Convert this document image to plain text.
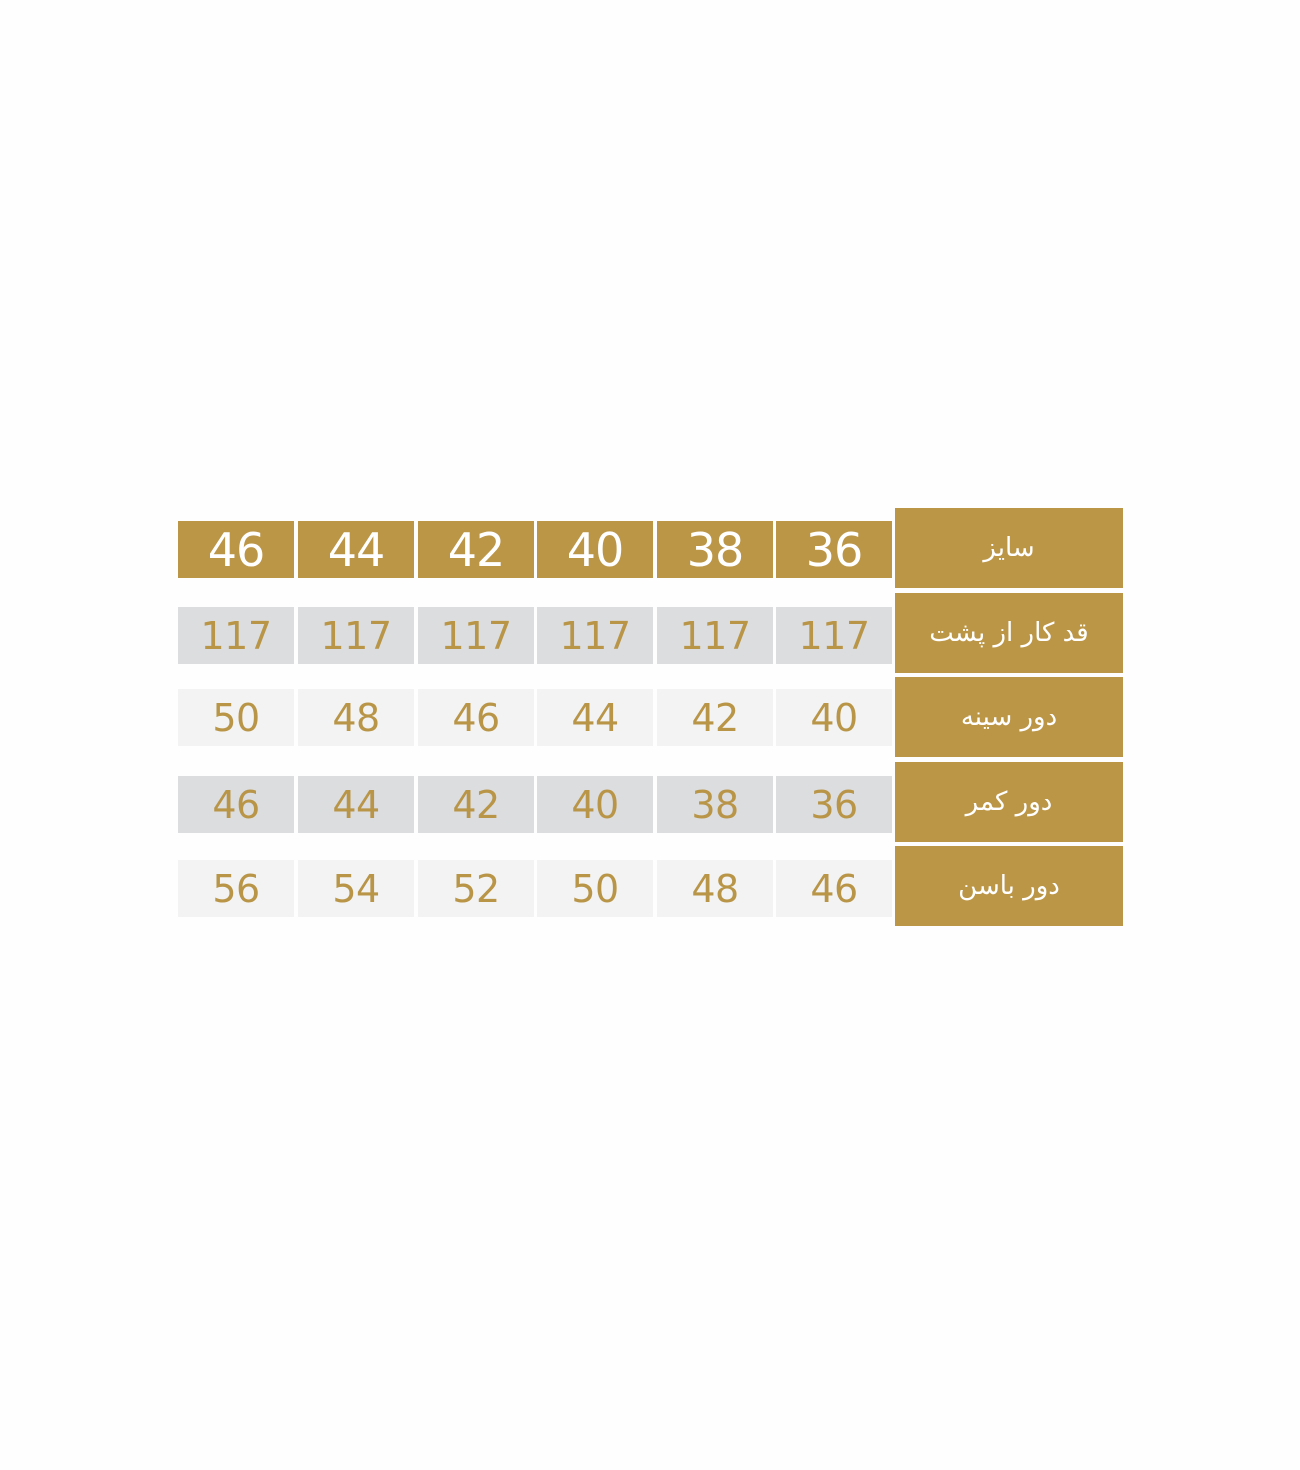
46	44	42	40	38	36	سایز
117	117	117	117	117	117	قد کار از پشت
50	48	46	44	42	40	دور سینه
46	44	42	40	38	36	دور کمر
56	54	52	50	48	46	دور باسن
